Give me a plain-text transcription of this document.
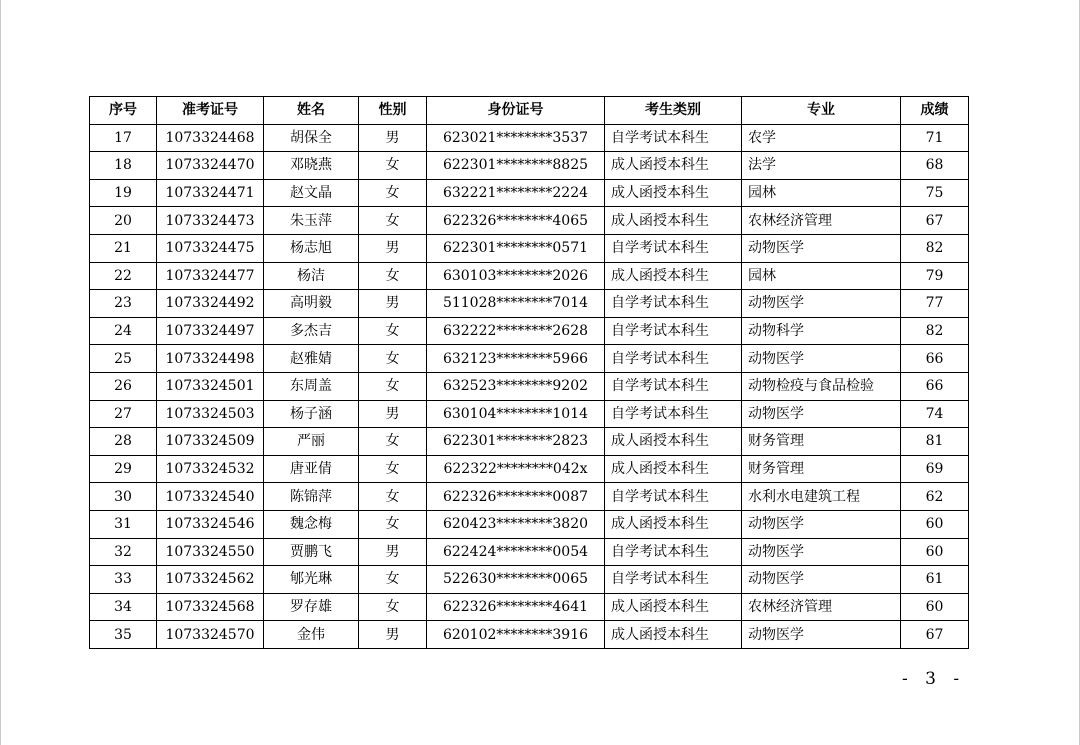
序号	准考证号	姓名	性别	身份证号	考生类别	专业	成绩
17	1073324468	胡保全	男	623021********3537	自学考试本科生	农学	71
18	1073324470	邓晓燕	女	622301********8825	成人函授本科生	法学	68
19	1073324471	赵文晶	女	632221********2224	成人函授本科生	园林	75
20	1073324473	朱玉萍	女	622326********4065	成人函授本科生	农林经济管理	67
21	1073324475	杨志旭	男	622301********0571	自学考试本科生	动物医学	82
22	1073324477	杨洁	女	630103********2026	成人函授本科生	园林	79
23	1073324492	高明毅	男	511028********7014	自学考试本科生	动物医学	77
24	1073324497	多杰吉	女	632222********2628	自学考试本科生	动物科学	82
25	1073324498	赵雅婧	女	632123********5966	自学考试本科生	动物医学	66
26	1073324501	东周盖	女	632523********9202	自学考试本科生	动物检疫与食品检验	66
27	1073324503	杨子涵	男	630104********1014	自学考试本科生	动物医学	74
28	1073324509	严丽	女	622301********2823	成人函授本科生	财务管理	81
29	1073324532	唐亚倩	女	622322********042x	成人函授本科生	财务管理	69
30	1073324540	陈锦萍	女	622326********0087	自学考试本科生	水利水电建筑工程	62
31	1073324546	魏念梅	女	620423********3820	成人函授本科生	动物医学	60
32	1073324550	贾鹏飞	男	622424********0054	自学考试本科生	动物医学	60
33	1073324562	郇光琳	女	522630********0065	自学考试本科生	动物医学	61
34	1073324568	罗存雄	女	622326********4641	成人函授本科生	农林经济管理	60
35	1073324570	金伟	男	620102********3916	成人函授本科生	动物医学	67
- 3 -
